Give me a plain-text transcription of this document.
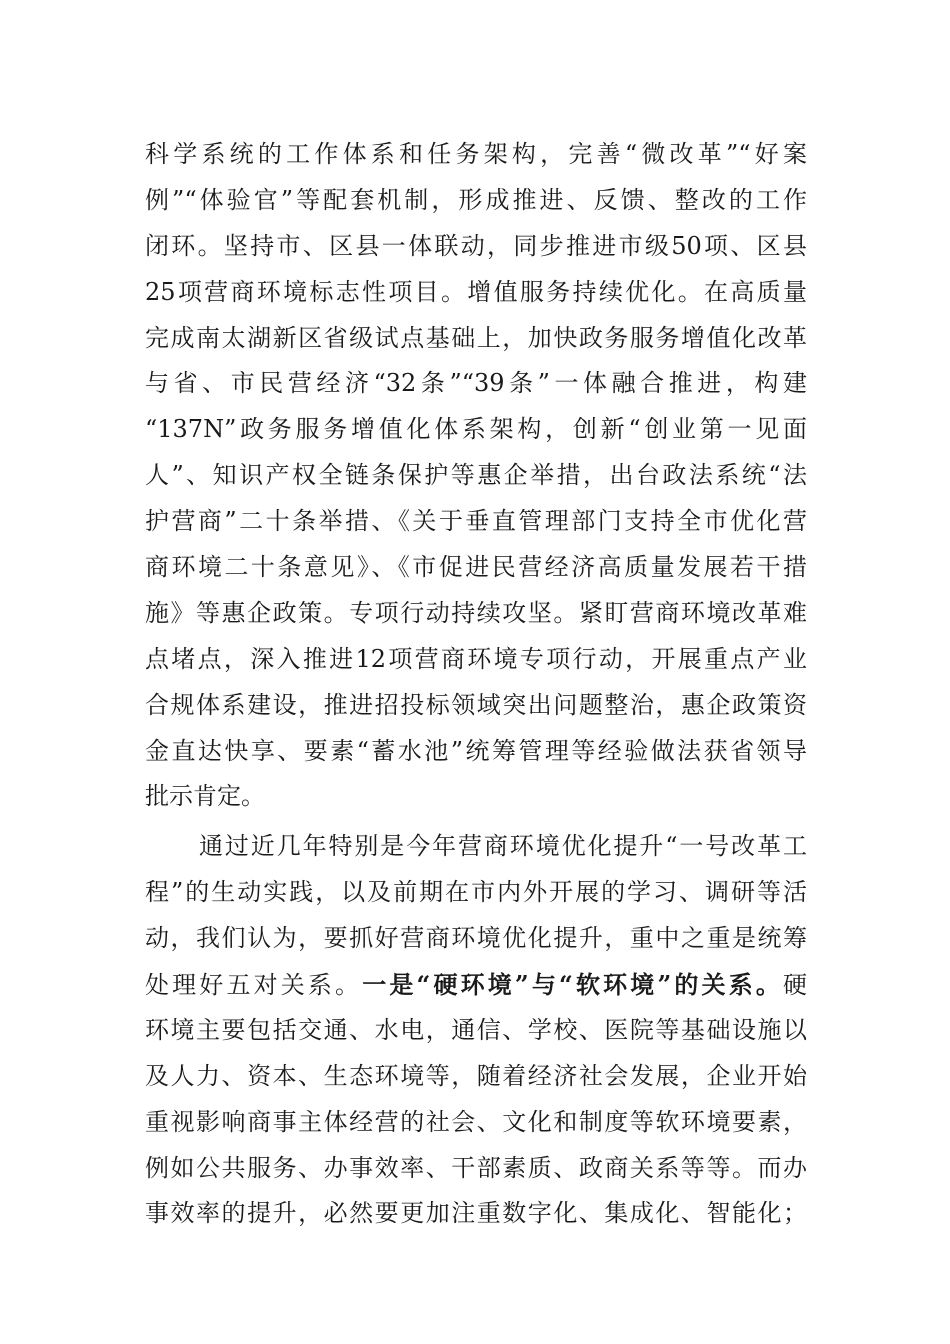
科学系统的工作体系和任务架构，完善“微改革”“好案
例”“体验官”等配套机制，形成推进、反馈、整改的工作
闭环。坚持市、区县一体联动，同步推进市级50项、区县
25项营商环境标志性项目。增值服务持续优化。在高质量
完成南太湖新区省级试点基础上，加快政务服务增值化改革
与省、市民营经济“32条”“39条”一体融合推进，构建
“137N”政务服务增值化体系架构，创新“创业第一见面
人”、知识产权全链条保护等惠企举措，出台政法系统“法
护营商”二十条举措、《关于垂直管理部门支持全市优化营
商环境二十条意见》、《市促进民营经济高质量发展若干措
施》等惠企政策。专项行动持续攻坚。紧盯营商环境改革难
点堵点，深入推进12项营商环境专项行动，开展重点产业
合规体系建设，推进招投标领域突出问题整治，惠企政策资
金直达快享、要素“蓄水池”统筹管理等经验做法获省领导
批示肯定。
通过近几年特别是今年营商环境优化提升“一号改革工
程”的生动实践，以及前期在市内外开展的学习、调研等活
动，我们认为，要抓好营商环境优化提升，重中之重是统筹
处理好五对关系。一是“硬环境”与“软环境”的关系。硬
环境主要包括交通、水电，通信、学校、医院等基础设施以
及人力、资本、生态环境等，随着经济社会发展，企业开始
重视影响商事主体经营的社会、文化和制度等软环境要素，
例如公共服务、办事效率、干部素质、政商关系等等。而办
事效率的提升，必然要更加注重数字化、集成化、智能化；
